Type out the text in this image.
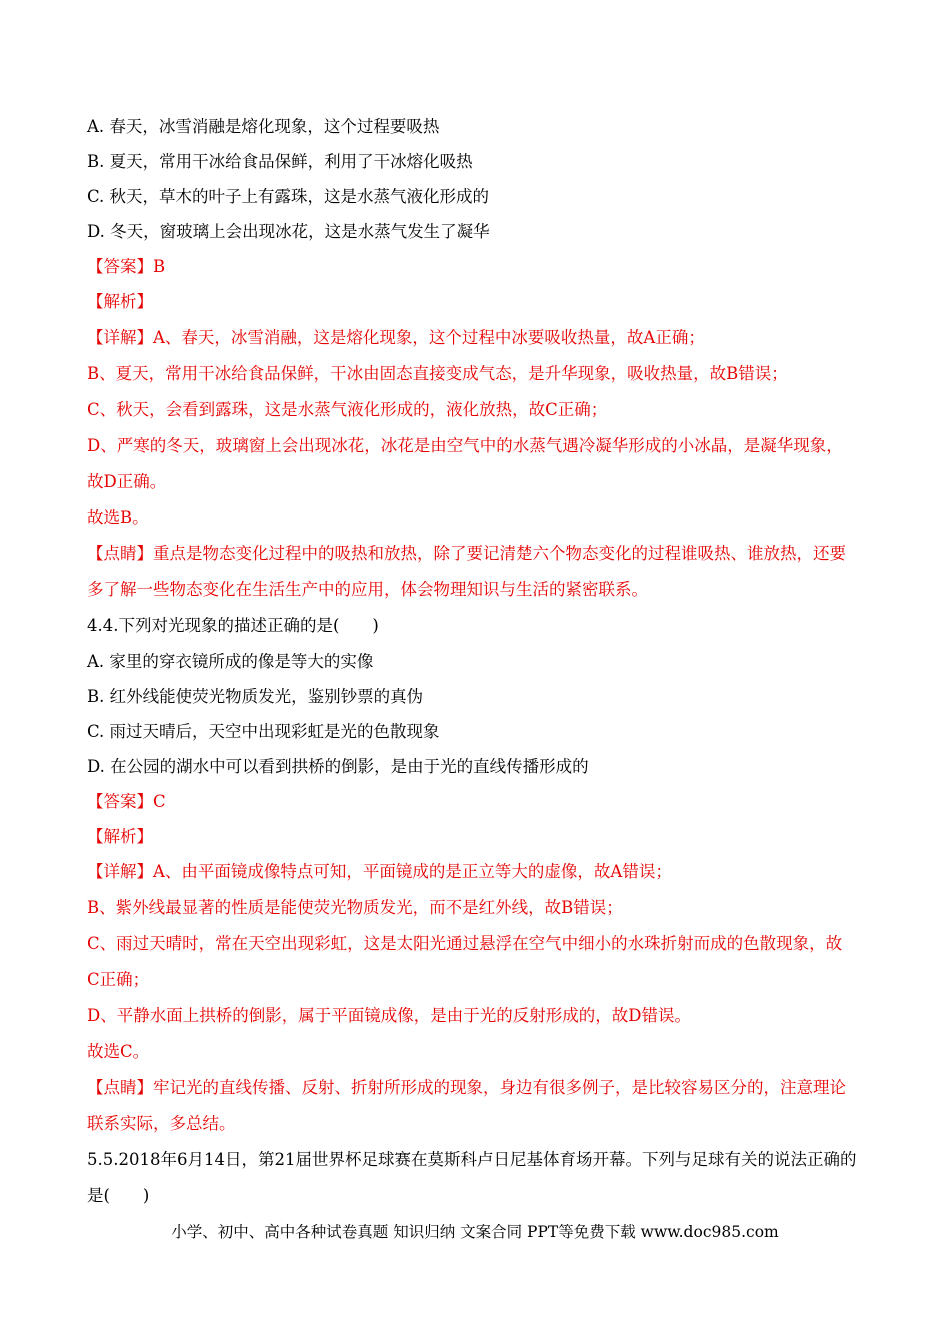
A. 春天，冰雪消融是熔化现象，这个过程要吸热
B. 夏天，常用干冰给食品保鲜，利用了干冰熔化吸热
C. 秋天，草木的叶子上有露珠，这是水蒸气液化形成的
D. 冬天，窗玻璃上会出现冰花，这是水蒸气发生了凝华
【答案】B
【解析】
【详解】A、春天，冰雪消融，这是熔化现象，这个过程中冰要吸收热量，故A正确；
B、夏天，常用干冰给食品保鲜，干冰由固态直接变成气态，是升华现象，吸收热量，故B错误；
C、秋天，会看到露珠，这是水蒸气液化形成的，液化放热，故C正确；
D、严寒的冬天，玻璃窗上会出现冰花，冰花是由空气中的水蒸气遇冷凝华形成的小冰晶，是凝华现象，
故D正确。
故选B。
【点睛】重点是物态变化过程中的吸热和放热，除了要记清楚六个物态变化的过程谁吸热、谁放热，还要
多了解一些物态变化在生活生产中的应用，体会物理知识与生活的紧密联系。
4.4.下列对光现象的描述正确的是(　　)
A. 家里的穿衣镜所成的像是等大的实像
B. 红外线能使荧光物质发光，鉴别钞票的真伪
C. 雨过天晴后，天空中出现彩虹是光的色散现象
D. 在公园的湖水中可以看到拱桥的倒影，是由于光的直线传播形成的
【答案】C
【解析】
【详解】A、由平面镜成像特点可知，平面镜成的是正立等大的虚像，故A错误；
B、紫外线最显著的性质是能使荧光物质发光，而不是红外线，故B错误；
C、雨过天晴时，常在天空出现彩虹，这是太阳光通过悬浮在空气中细小的水珠折射而成的色散现象，故
C正确；
D、平静水面上拱桥的倒影，属于平面镜成像，是由于光的反射形成的，故D错误。
故选C。
【点睛】牢记光的直线传播、反射、折射所形成的现象，身边有很多例子，是比较容易区分的，注意理论
联系实际，多总结。
5.5.2018年6月14日，第21届世界杯足球赛在莫斯科卢日尼基体育场开幕。下列与足球有关的说法正确的
是(　　)
小学、初中、高中各种试卷真题 知识归纳 文案合同 PPT等免费下载 www.doc985.com
